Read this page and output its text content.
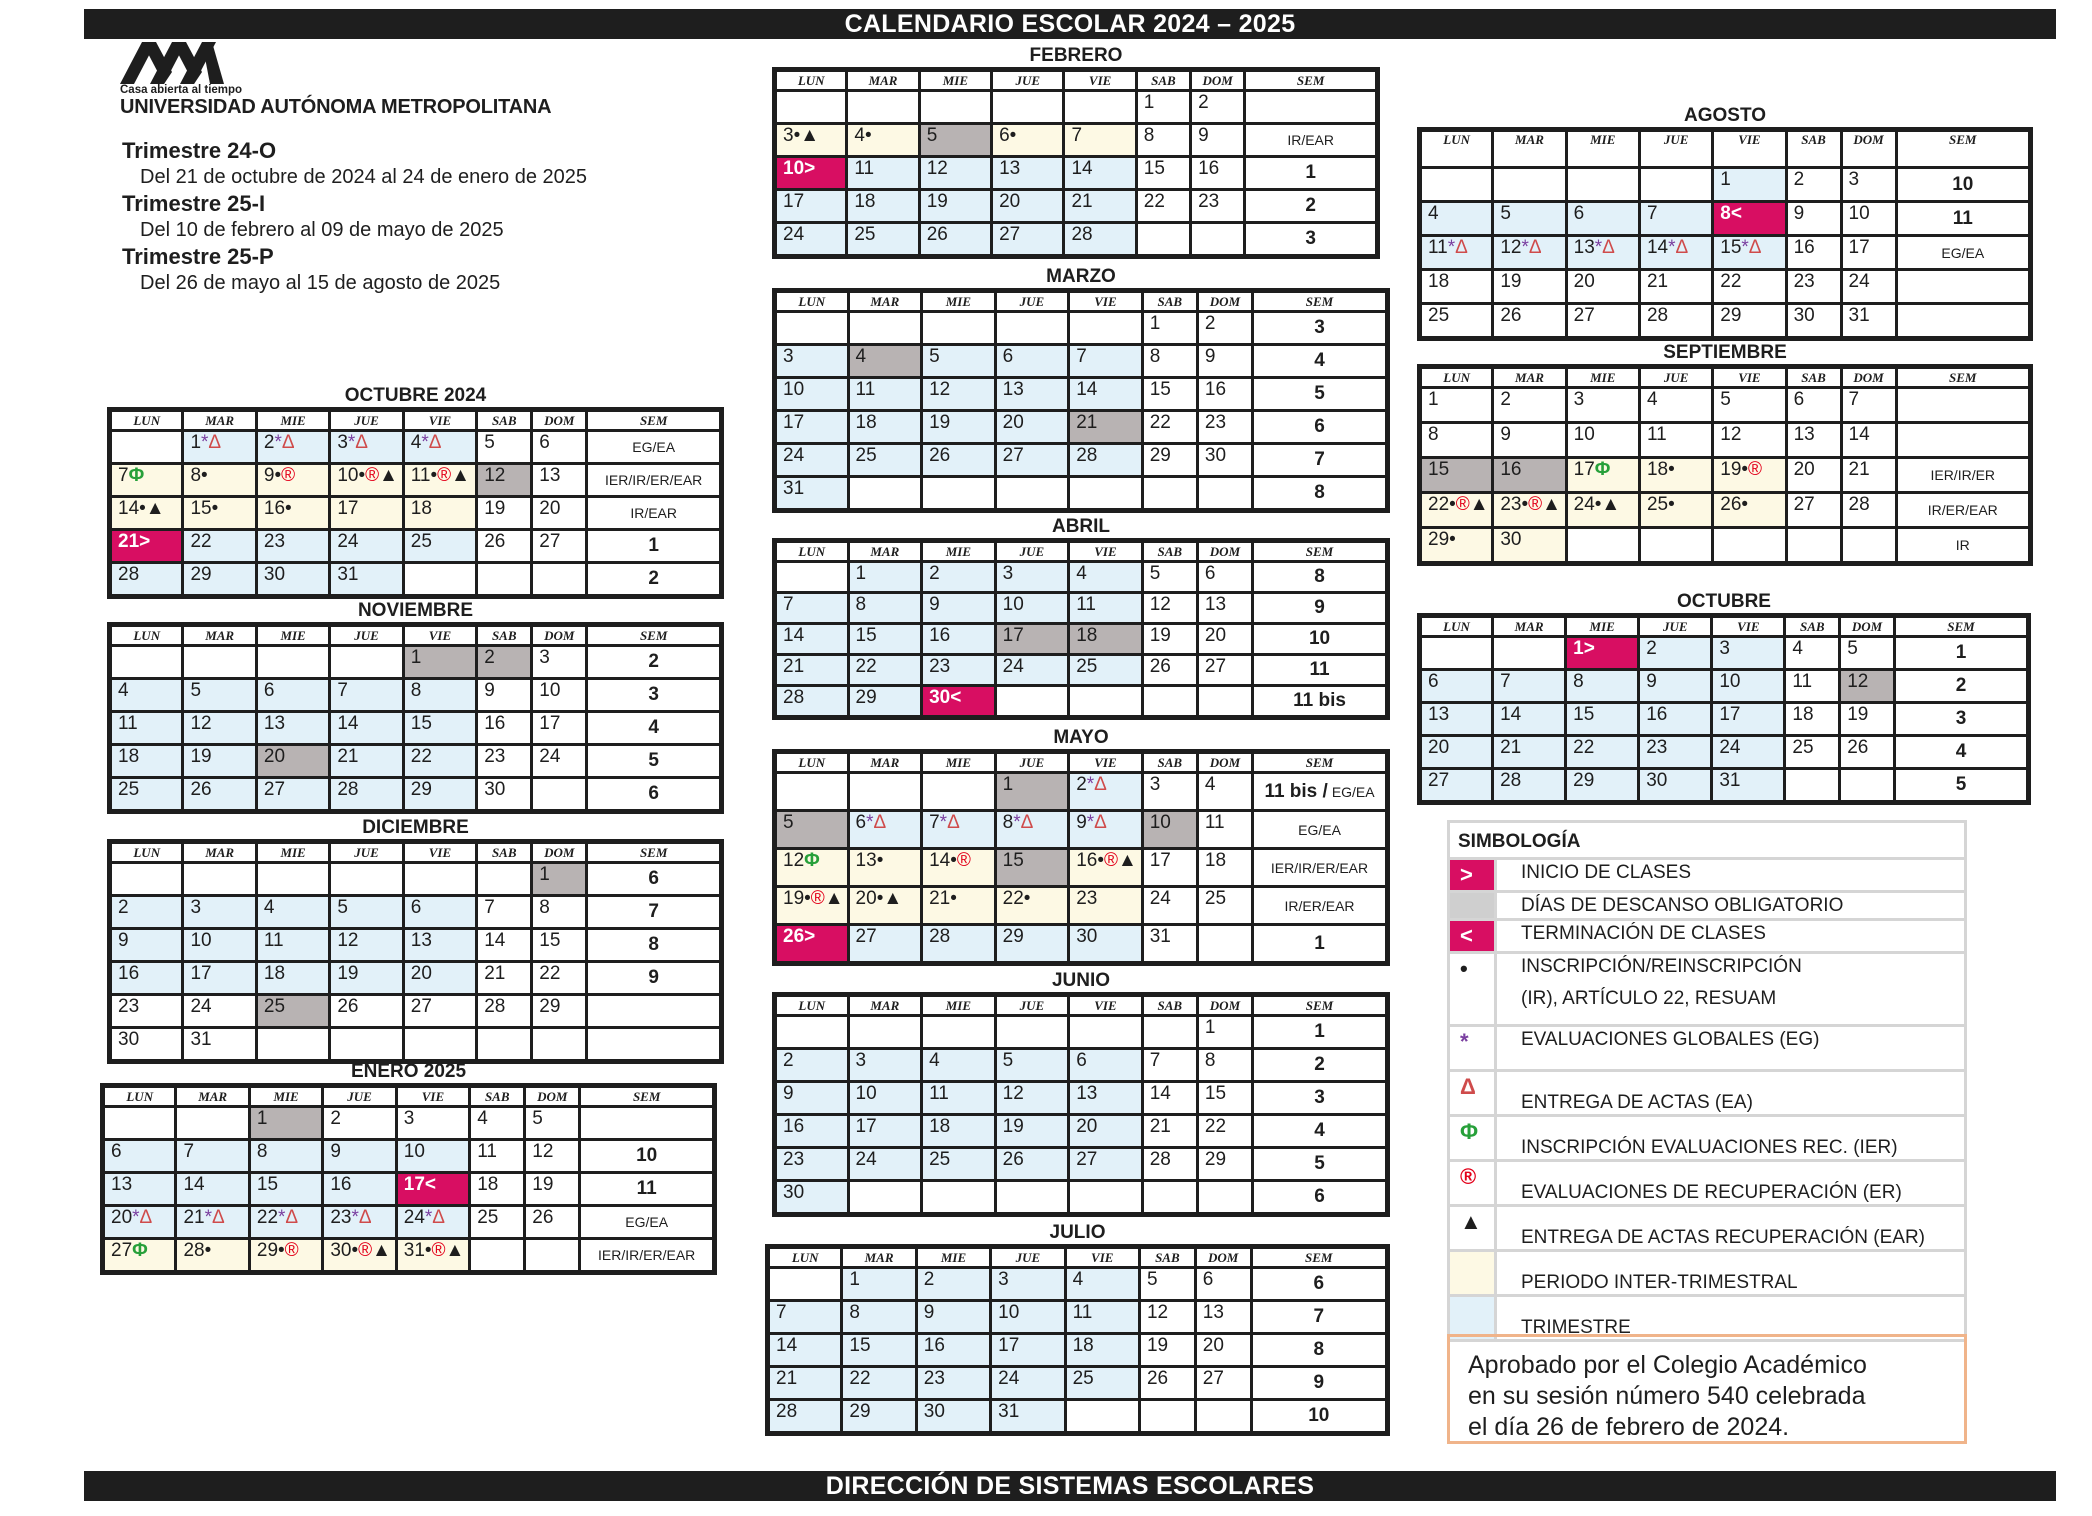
CALENDARIO ESCOLAR 2024 – 2025
Casa abierta al tiempo
UNIVERSIDAD AUTÓNOMA METROPOLITANA
Trimestre 24-O
Del 21 de octubre de 2024 al 24 de enero de 2025
Trimestre 25-I
Del 10 de febrero al 09 de mayo de 2025
Trimestre 25-P
Del 26 de mayo al 15 de agosto de 2025
OCTUBRE 2024
LUN	MAR	MIE	JUE	VIE	SAB	DOM	SEM
	1*Δ	2*Δ	3*Δ	4*Δ	5	6	EG/EA
7Φ	8•	9•®	10•®▲	11•®▲	12	13	IER/IR/ER/EAR
14•▲	15•	16•	17	18	19	20	IR/EAR
21>	22	23	24	25	26	27	1
28	29	30	31				2
NOVIEMBRE
LUN	MAR	MIE	JUE	VIE	SAB	DOM	SEM
				1	2	3	2
4	5	6	7	8	9	10	3
11	12	13	14	15	16	17	4
18	19	20	21	22	23	24	5
25	26	27	28	29	30		6
DICIEMBRE
LUN	MAR	MIE	JUE	VIE	SAB	DOM	SEM
						1	6
2	3	4	5	6	7	8	7
9	10	11	12	13	14	15	8
16	17	18	19	20	21	22	9
23	24	25	26	27	28	29	
30	31						
ENERO 2025
LUN	MAR	MIE	JUE	VIE	SAB	DOM	SEM
		1	2	3	4	5	
6	7	8	9	10	11	12	10
13	14	15	16	17<	18	19	11
20*Δ	21*Δ	22*Δ	23*Δ	24*Δ	25	26	EG/EA
27Φ	28•	29•®	30•®▲	31•®▲			IER/IR/ER/EAR
FEBRERO
LUN	MAR	MIE	JUE	VIE	SAB	DOM	SEM
					1	2	
3•▲	4•	5	6•	7	8	9	IR/EAR
10>	11	12	13	14	15	16	1
17	18	19	20	21	22	23	2
24	25	26	27	28			3
MARZO
LUN	MAR	MIE	JUE	VIE	SAB	DOM	SEM
					1	2	3
3	4	5	6	7	8	9	4
10	11	12	13	14	15	16	5
17	18	19	20	21	22	23	6
24	25	26	27	28	29	30	7
31							8
ABRIL
LUN	MAR	MIE	JUE	VIE	SAB	DOM	SEM
	1	2	3	4	5	6	8
7	8	9	10	11	12	13	9
14	15	16	17	18	19	20	10
21	22	23	24	25	26	27	11
28	29	30<					11 bis
MAYO
LUN	MAR	MIE	JUE	VIE	SAB	DOM	SEM
			1	2*Δ	3	4	11 bis / EG/EA
5	6*Δ	7*Δ	8*Δ	9*Δ	10	11	EG/EA
12Φ	13•	14•®	15	16•®▲	17	18	IER/IR/ER/EAR
19•®▲	20•▲	21•	22•	23	24	25	IR/ER/EAR
26>	27	28	29	30	31		1
JUNIO
LUN	MAR	MIE	JUE	VIE	SAB	DOM	SEM
						1	1
2	3	4	5	6	7	8	2
9	10	11	12	13	14	15	3
16	17	18	19	20	21	22	4
23	24	25	26	27	28	29	5
30							6
JULIO
LUN	MAR	MIE	JUE	VIE	SAB	DOM	SEM
	1	2	3	4	5	6	6
7	8	9	10	11	12	13	7
14	15	16	17	18	19	20	8
21	22	23	24	25	26	27	9
28	29	30	31				10
AGOSTO
LUN	MAR	MIE	JUE	VIE	SAB	DOM	SEM
				1	2	3	10
4	5	6	7	8<	9	10	11
11*Δ	12*Δ	13*Δ	14*Δ	15*Δ	16	17	EG/EA
18	19	20	21	22	23	24	
25	26	27	28	29	30	31	
SEPTIEMBRE
LUN	MAR	MIE	JUE	VIE	SAB	DOM	SEM
1	2	3	4	5	6	7	
8	9	10	11	12	13	14	
15	16	17Φ	18•	19•®	20	21	IER/IR/ER
22•®▲	23•®▲	24•▲	25•	26•	27	28	IR/ER/EAR
29•	30						IR
OCTUBRE
LUN	MAR	MIE	JUE	VIE	SAB	DOM	SEM
		1>	2	3	4	5	1
6	7	8	9	10	11	12	2
13	14	15	16	17	18	19	3
20	21	22	23	24	25	26	4
27	28	29	30	31			5
SIMBOLOGÍA	

>	INICIO DE CLASES

	DÍAS DE DESCANSO OBLIGATORIO

<	TERMINACIÓN DE CLASES

•	INSCRIPCIÓN/REINSCRIPCIÓN
(IR), ARTÍCULO 22, RESUAM

*	EVALUACIONES GLOBALES (EG)

Δ	ENTREGA DE ACTAS (EA)

Φ	INSCRIPCIÓN EVALUACIONES REC. (IER)

®	EVALUACIONES DE RECUPERACIÓN (ER)

▲	ENTREGA DE ACTAS RECUPERACIÓN (EAR)

	PERIODO INTER-TRIMESTRAL

	TRIMESTRE
Aprobado por el Colegio Académico
en su sesión número 540 celebrada
el día 26 de febrero de 2024.
DIRECCIÓN DE SISTEMAS ESCOLARES
